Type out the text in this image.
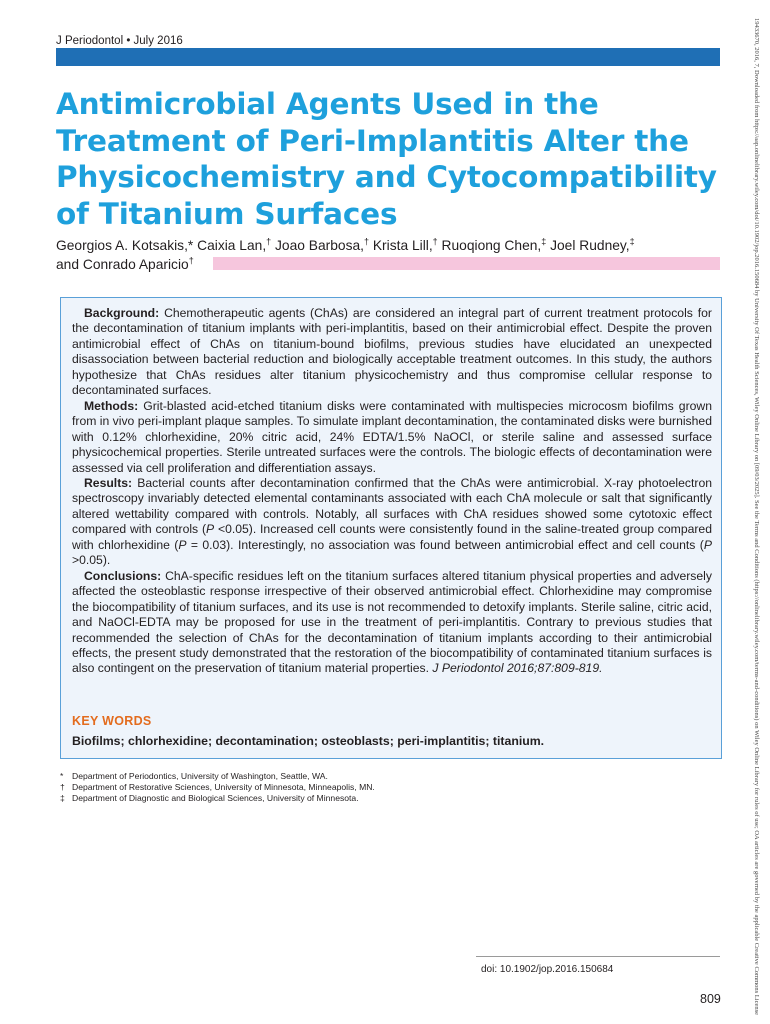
J Periodontol • July 2016
Antimicrobial Agents Used in the Treatment of Peri-Implantitis Alter the Physicochemistry and Cytocompatibility of Titanium Surfaces
Georgios A. Kotsakis,* Caixia Lan,† Joao Barbosa,† Krista Lill,† Ruoqiong Chen,‡ Joel Rudney,‡
and Conrado Aparicio†

Background: Chemotherapeutic agents (ChAs) are considered an integral part of current treatment protocols for the decontamination of titanium implants with peri-implantitis, based on their antimicrobial effect. Despite the proven antimicrobial effect of ChAs on titanium-bound biofilms, previous studies have elucidated an unexpected disassociation between bacterial reduction and biologically acceptable treatment outcomes. In this study, the authors hypothesize that ChAs residues alter titanium physicochemistry and thus compromise cellular response to decontaminated surfaces.

Methods: Grit-blasted acid-etched titanium disks were contaminated with multispecies microcosm biofilms grown from in vivo peri-implant plaque samples. To simulate implant decontamination, the contaminated disks were burnished with 0.12% chlorhexidine, 20% citric acid, 24% EDTA/1.5% NaOCl, or sterile saline and assessed surface physicochemical properties. Sterile untreated surfaces were the controls. The biologic effects of decontamination were assessed via cell proliferation and differentiation assays.

Results: Bacterial counts after decontamination confirmed that the ChAs were antimicrobial. X-ray photoelectron spectroscopy invariably detected elemental contaminants associated with each ChA molecule or salt that significantly altered wettability compared with controls. Notably, all surfaces with ChA residues showed some cytotoxic effect compared with controls (P <0.05). Increased cell counts were consistently found in the saline-treated group compared with chlorhexidine (P = 0.03). Interestingly, no association was found between antimicrobial effect and cell counts (P >0.05).

Conclusions: ChA-specific residues left on the titanium surfaces altered titanium physical properties and adversely affected the osteoblastic response irrespective of their observed antimicrobial effect. Chlorhexidine may compromise the biocompatibility of titanium surfaces, and its use is not recommended to detoxify implants. Sterile saline, citric acid, and NaOCl-EDTA may be proposed for use in the treatment of peri-implantitis. Contrary to previous studies that recommended the selection of ChAs for the decontamination of titanium implants according to their antimicrobial effects, the present study demonstrated that the restoration of the biocompatibility of contaminated titanium surfaces is also contingent on the preservation of titanium material properties. J Periodontol 2016;87:809-819.

KEY WORDS
Biofilms; chlorhexidine; decontamination; osteoblasts; peri-implantitis; titanium.
* Department of Periodontics, University of Washington, Seattle, WA.
† Department of Restorative Sciences, University of Minnesota, Minneapolis, MN.
‡ Department of Diagnostic and Biological Sciences, University of Minnesota.
doi: 10.1902/jop.2016.150684
809	19433670, 2016, 7, Downloaded from https://aap.onlinelibrary.wiley.com/doi/10.1902/jop.2016.150684 by University Of Texas Health Sciences, Wiley Online Library on [09/03/2025]. See the Terms and Conditions (https://onlinelibrary.wiley.com/terms-and-conditions) on Wiley Online Library for rules of use; OA articles are governed by the applicable Creative Commons License
